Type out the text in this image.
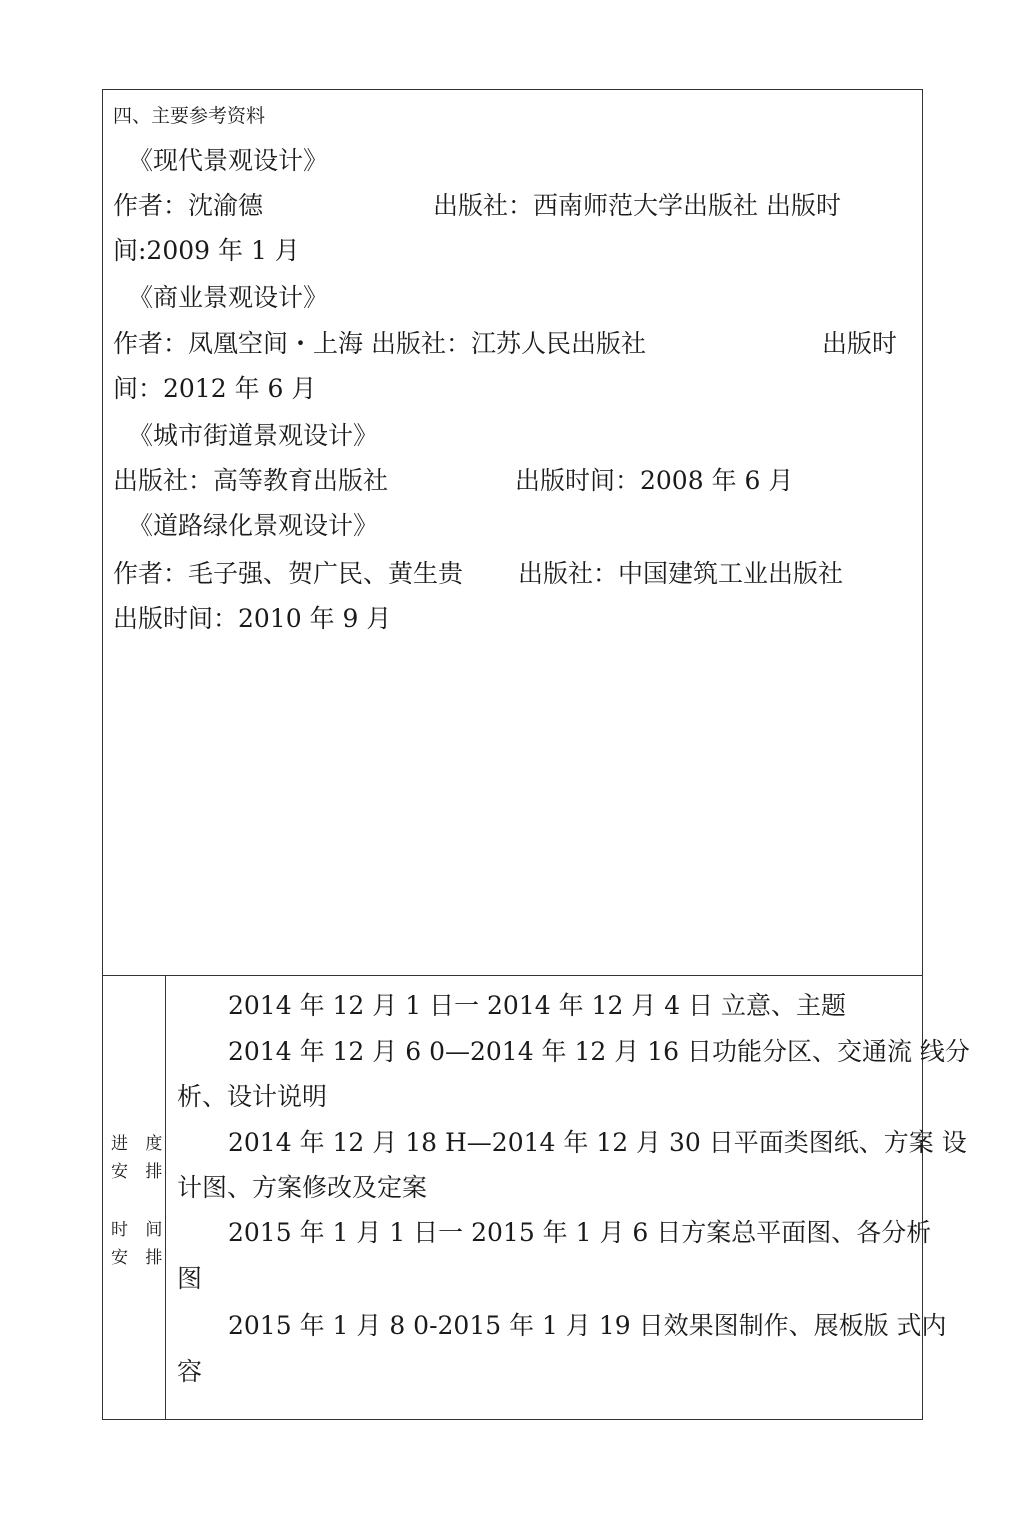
四、主要参考资料
《现代景观设计》
作者：沈渝德	出版社：西南师范大学出版社 出版时
间:2009 年 1 月
《商业景观设计》
作者：凤凰空间・上海 出版社：江苏人民出版社	出版时
间：2012 年 6 月
《城市街道景观设计》
出版社：高等教育出版社	出版时间：2008 年 6 月
《道路绿化景观设计》
作者：毛子强、贺广民、黄生贵 出版社：中国建筑工业出版社
出版时间：2010 年 9 月
进 度
安 排
时 间
安 排
2014 年 12 月 1 日一 2014 年 12 月 4 日 立意、主题
2014 年 12 月 6 0—2014 年 12 月 16 日功能分区、交通流 线分
析、设计说明
2014 年 12 月 18 H—2014 年 12 月 30 日平面类图纸、方案 设
计图、方案修改及定案
2015 年 1 月 1 日一 2015 年 1 月 6 日方案总平面图、各分析
图
2015 年 1 月 8 0-2015 年 1 月 19 日效果图制作、展板版 式内
容
